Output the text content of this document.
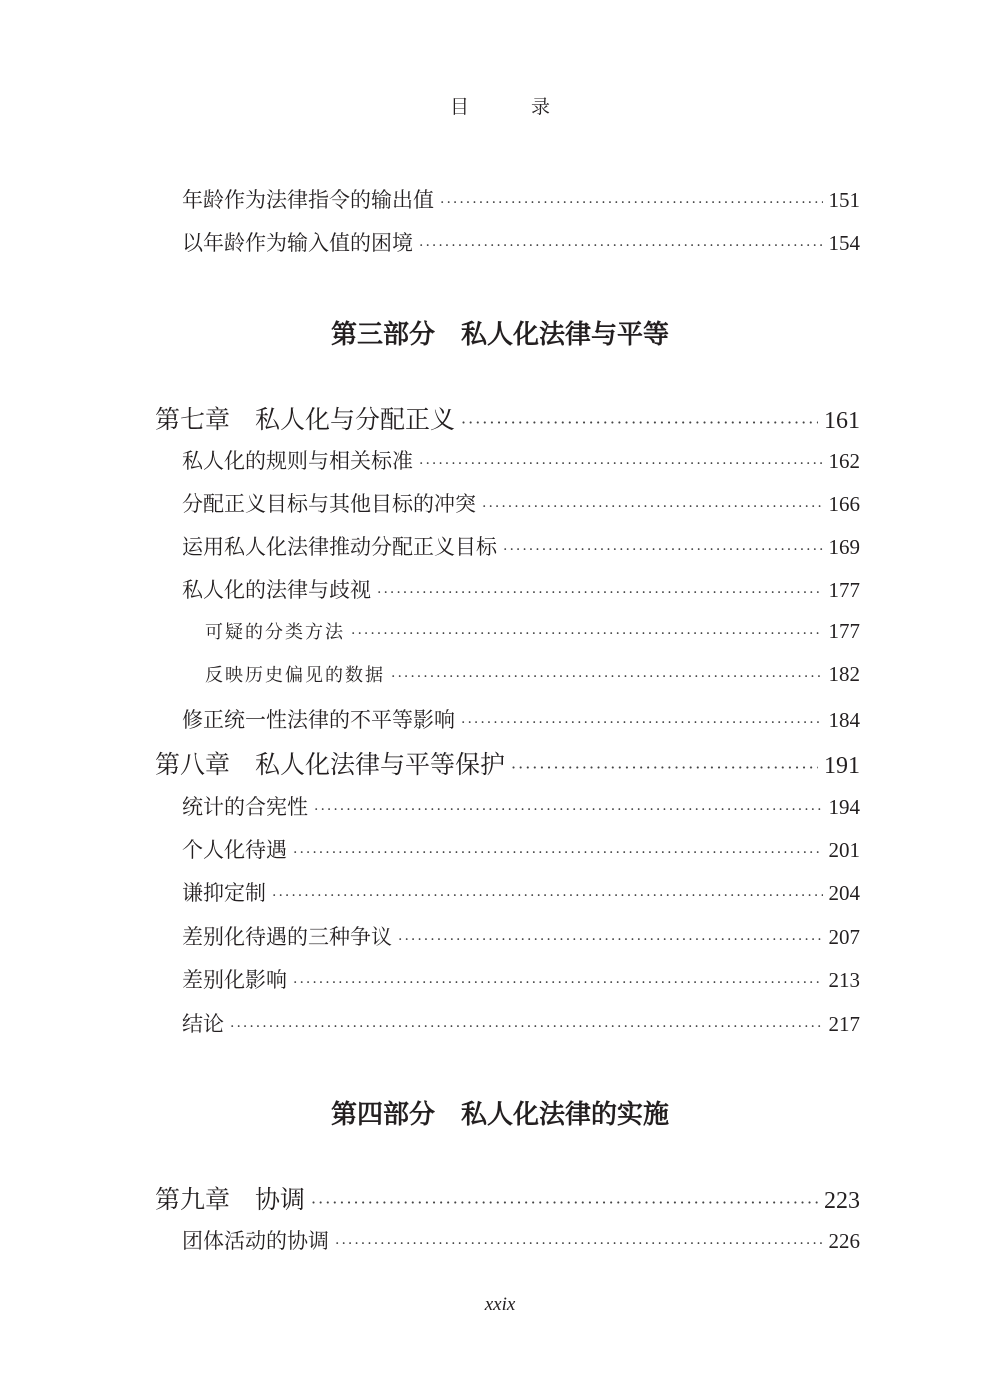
目 录
年龄作为法律指令的输出值 ·····	151
以年龄作为输入值的困境 ·····	154
第三部分　私人化法律与平等
第七章　私人化与分配正义 ·····	161
私人化的规则与相关标准 ·····	162
分配正义目标与其他目标的冲突 ·····	166
运用私人化法律推动分配正义目标 ·····	169
私人化的法律与歧视 ·····	177
可疑的分类方法 ·····	177
反映历史偏见的数据 ·····	182
修正统一性法律的不平等影响 ·····	184
第八章　私人化法律与平等保护 ·····	191
统计的合宪性 ·····	194
个人化待遇 ·····	201
谦抑定制 ·····	204
差别化待遇的三种争议 ·····	207
差别化影响 ·····	213
结论 ·····	217
第四部分　私人化法律的实施
第九章　协调 ·····	223
团体活动的协调 ·····	226
xxix
